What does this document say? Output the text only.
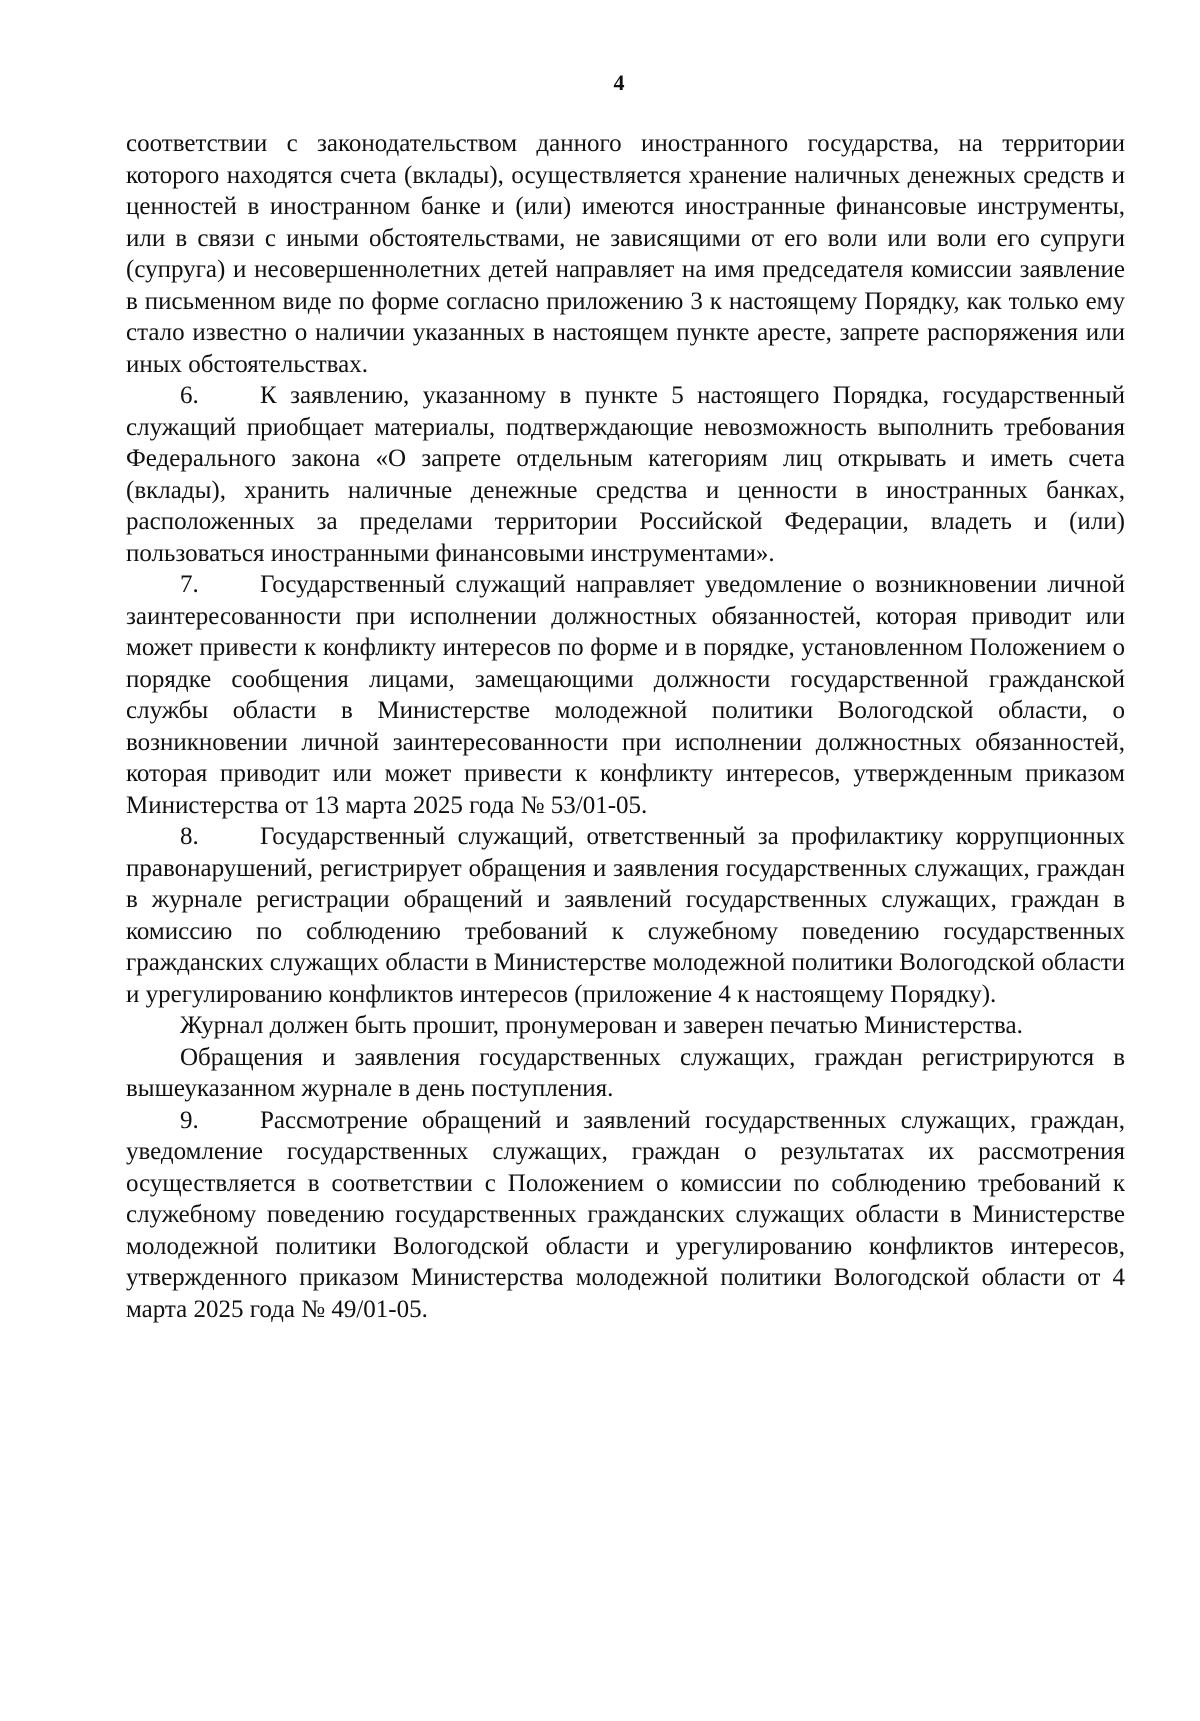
4

соответствии с законодательством данного иностранного государства, на территории которого находятся счета (вклады), осуществляется хранение наличных денежных средств и ценностей в иностранном банке и (или) имеются иностранные финансовые инструменты, или в связи с иными обстоятельствами, не зависящими от его воли или воли его супруги (супруга) и несовершеннолетних детей направляет на имя председателя комиссии заявление в письменном виде по форме согласно приложению 3 к настоящему Порядку, как только ему стало известно о наличии указанных в настоящем пункте аресте, запрете распоряжения или иных обстоятельствах.

6. К заявлению, указанному в пункте 5 настоящего Порядка, государственный служащий приобщает материалы, подтверждающие невозможность выполнить требования Федерального закона «О запрете отдельным категориям лиц открывать и иметь счета (вклады), хранить наличные денежные средства и ценности в иностранных банках, расположенных за пределами территории Российской Федерации, владеть и (или) пользоваться иностранными финансовыми инструментами».

7. Государственный служащий направляет уведомление о возникновении личной заинтересованности при исполнении должностных обязанностей, которая приводит или может привести к конфликту интересов по форме и в порядке, установленном Положением о порядке сообщения лицами, замещающими должности государственной гражданской службы области в Министерстве молодежной политики Вологодской области, о возникновении личной заинтересованности при исполнении должностных обязанностей, которая приводит или может привести к конфликту интересов, утвержденным приказом Министерства от 13 марта 2025 года № 53/01-05.

8. Государственный служащий, ответственный за профилактику коррупционных правонарушений, регистрирует обращения и заявления государственных служащих, граждан в журнале регистрации обращений и заявлений государственных служащих, граждан в комиссию по соблюдению требований к служебному поведению государственных гражданских служащих области в Министерстве молодежной политики Вологодской области и урегулированию конфликтов интересов (приложение 4 к настоящему Порядку).

Журнал должен быть прошит, пронумерован и заверен печатью Министерства.

Обращения и заявления государственных служащих, граждан регистрируются в вышеуказанном журнале в день поступления.

9. Рассмотрение обращений и заявлений государственных служащих, граждан, уведомление государственных служащих, граждан о результатах их рассмотрения осуществляется в соответствии с Положением о комиссии по соблюдению требований к служебному поведению государственных гражданских служащих области в Министерстве молодежной политики Вологодской области и урегулированию конфликтов интересов, утвержденного приказом Министерства молодежной политики Вологодской области от 4 марта 2025 года № 49/01-05.
